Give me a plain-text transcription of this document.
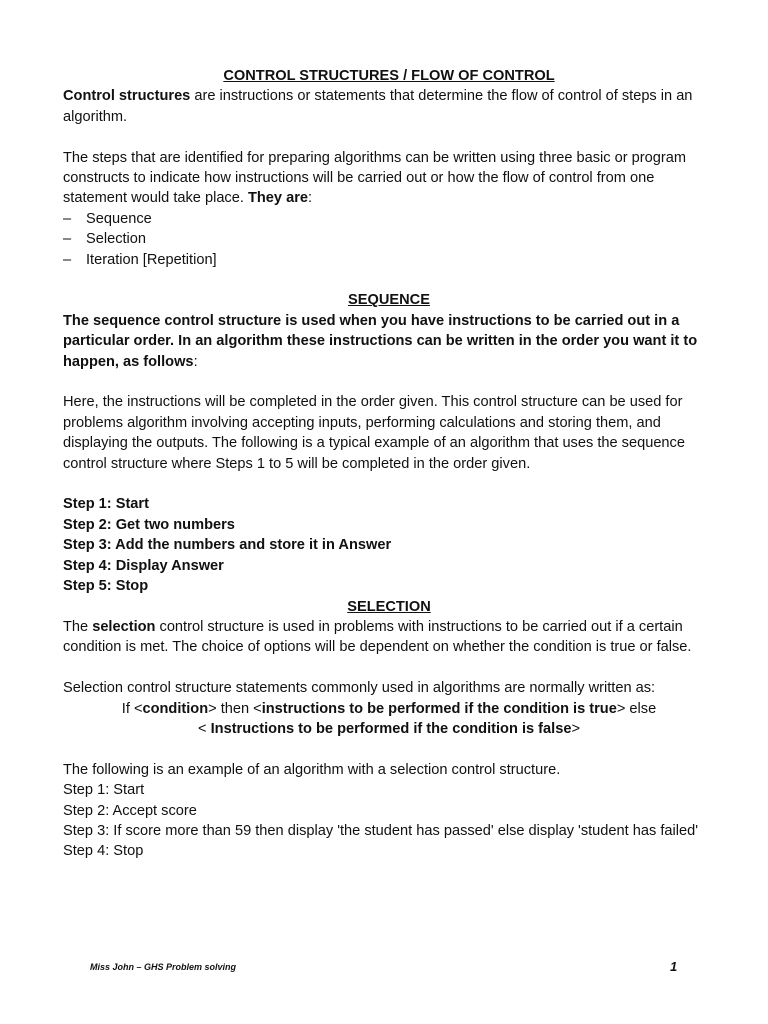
CONTROL STRUCTURES / FLOW OF CONTROL

Control structures are instructions or statements that determine the flow of control of steps in an algorithm.

The steps that are identified for preparing algorithms can be written using three basic or program constructs to indicate how instructions will be carried out or how the flow of control from one statement would take place. They are:

– Sequence
– Selection
– Iteration [Repetition]

SEQUENCE

The sequence control structure is used when you have instructions to be carried out in a particular order. In an algorithm these instructions can be written in the order you want it to happen, as follows:

Here, the instructions will be completed in the order given. This control structure can be used for problems algorithm involving accepting inputs, performing calculations and storing them, and displaying the outputs. The following is a typical example of an algorithm that uses the sequence control structure where Steps 1 to 5 will be completed in the order given.

Step 1: Start

Step 2: Get two numbers

Step 3: Add the numbers and store it in Answer

Step 4: Display Answer

Step 5: Stop

SELECTION

The selection control structure is used in problems with instructions to be carried out if a certain condition is met. The choice of options will be dependent on whether the condition is true or false.

Selection control structure statements commonly used in algorithms are normally written as:

If <condition> then <instructions to be performed if the condition is true> else

< Instructions to be performed if the condition is false>

The following is an example of an algorithm with a selection control structure.

Step 1: Start

Step 2: Accept score

Step 3: If score more than 59 then display 'the student has passed' else display 'student has failed'

Step 4: Stop

Miss John – GHS Problem solving	1
